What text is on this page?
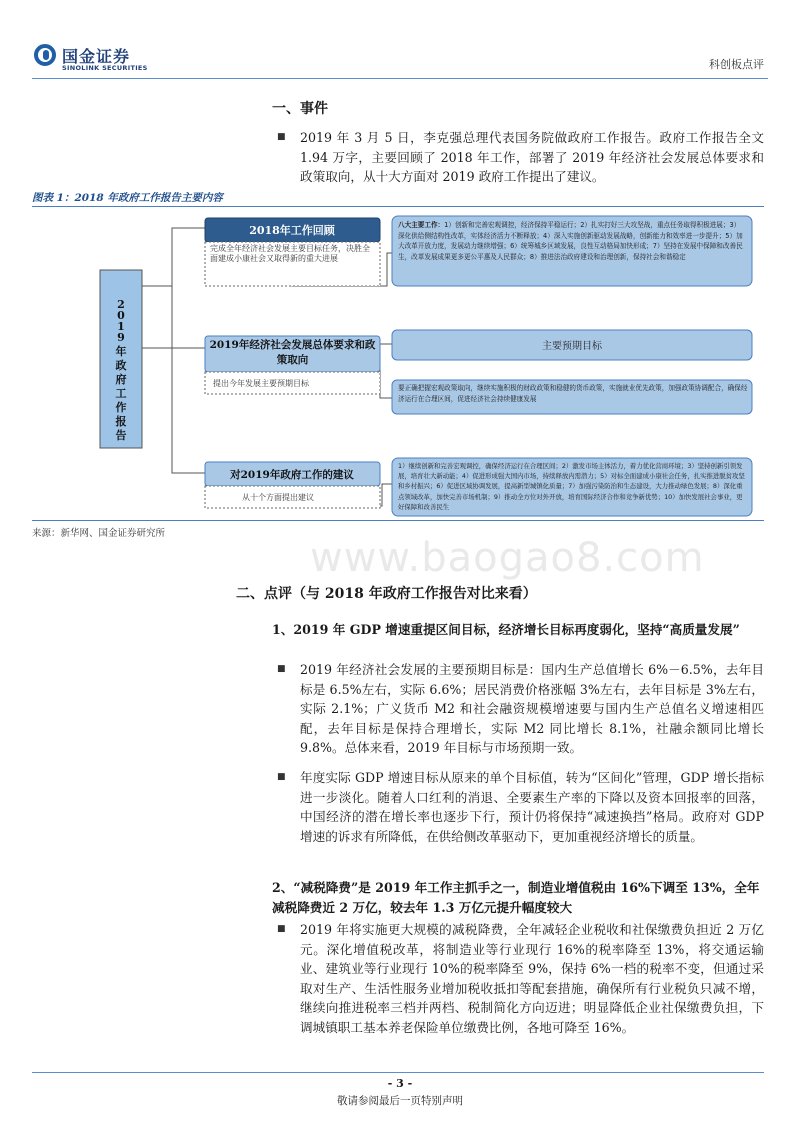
国金证券
SINOLINK SECURITIES	科创板点评
一、事件
■ 2019 年 3 月 5 日，李克强总理代表国务院做政府工作报告。政府工作报告全文 1.94 万字，主要回顾了 2018 年工作，部署了 2019 年经济社会发展总体要求和政策取向，从十大方面对 2019 政府工作提出了建议。
图表 1：2018 年政府工作报告主要内容
2 0 1 9 年政府工作报告
2018年工作回顾
完成全年经济社会发展主要目标任务，决胜全面建成小康社会又取得新的重大进展
八大主要工作：1）创新和完善宏观调控，经济保持平稳运行；2）扎实打好三大攻坚战，重点任务取得积极进展；3）深化供给侧结构性改革，实体经济活力不断释放；4）深入实施创新驱动发展战略，创新能力和效率进一步提升；5）加大改革开放力度，发展动力继续增强；6）统筹城乡区域发展，良性互动格局加快形成；7）坚持在发展中保障和改善民生，改革发展成果更多更公平惠及人民群众；8）推进法治政府建设和治理创新，保持社会和谐稳定
2019年经济社会发展总体要求和政策取向
提出今年发展主要预期目标
主要预期目标
要正确把握宏观政策取向，继续实施积极的财政政策和稳健的货币政策，实施就业优先政策，加强政策协调配合，确保经济运行在合理区间，促进经济社会持续健康发展
对2019年政府工作的建议
从十个方面提出建议
1）继续创新和完善宏观调控，确保经济运行在合理区间；2）激发市场主体活力，着力优化营商环境；3）坚持创新引领发展，培育壮大新动能；4）促进形成强大国内市场，持续释放内需潜力；5）对标全面建成小康社会任务，扎实推进脱贫攻坚和乡村振兴；6）促进区域协调发展，提高新型城镇化质量；7）加强污染防治和生态建设，大力推动绿色发展；8）深化重点领域改革，加快完善市场机制；9）推动全方位对外开放，培育国际经济合作和竞争新优势；10）加快发展社会事业，更好保障和改善民生
来源：新华网、国金证券研究所
www.baogao8.com
二、点评（与 2018 年政府工作报告对比来看）
1、2019 年 GDP 增速重提区间目标，经济增长目标再度弱化，坚持“高质量发展”
■ 2019 年经济社会发展的主要预期目标是：国内生产总值增长 6%－6.5%，去年目标是 6.5%左右，实际 6.6%；居民消费价格涨幅 3%左右，去年目标是 3%左右，实际 2.1%；广义货币 M2 和社会融资规模增速要与国内生产总值名义增速相匹配，去年目标是保持合理增长，实际 M2 同比增长 8.1%，社融余额同比增长 9.8%。总体来看，2019 年目标与市场预期一致。
■ 年度实际 GDP 增速目标从原来的单个目标值，转为“区间化”管理，GDP 增长指标进一步淡化。随着人口红利的消退、全要素生产率的下降以及资本回报率的回落，中国经济的潜在增长率也逐步下行，预计仍将保持“减速换挡”格局。政府对 GDP 增速的诉求有所降低，在供给侧改革驱动下，更加重视经济增长的质量。
2、“减税降费”是 2019 年工作主抓手之一，制造业增值税由 16%下调至 13%，全年减税降费近 2 万亿，较去年 1.3 万亿元提升幅度较大
■ 2019 年将实施更大规模的减税降费，全年减轻企业税收和社保缴费负担近 2 万亿元。深化增值税改革，将制造业等行业现行 16%的税率降至 13%，将交通运输业、建筑业等行业现行 10%的税率降至 9%，保持 6%一档的税率不变，但通过采取对生产、生活性服务业增加税收抵扣等配套措施，确保所有行业税负只减不增，继续向推进税率三档并两档、税制简化方向迈进；明显降低企业社保缴费负担，下调城镇职工基本养老保险单位缴费比例，各地可降至 16%。
- 3 -
敬请参阅最后一页特别声明
